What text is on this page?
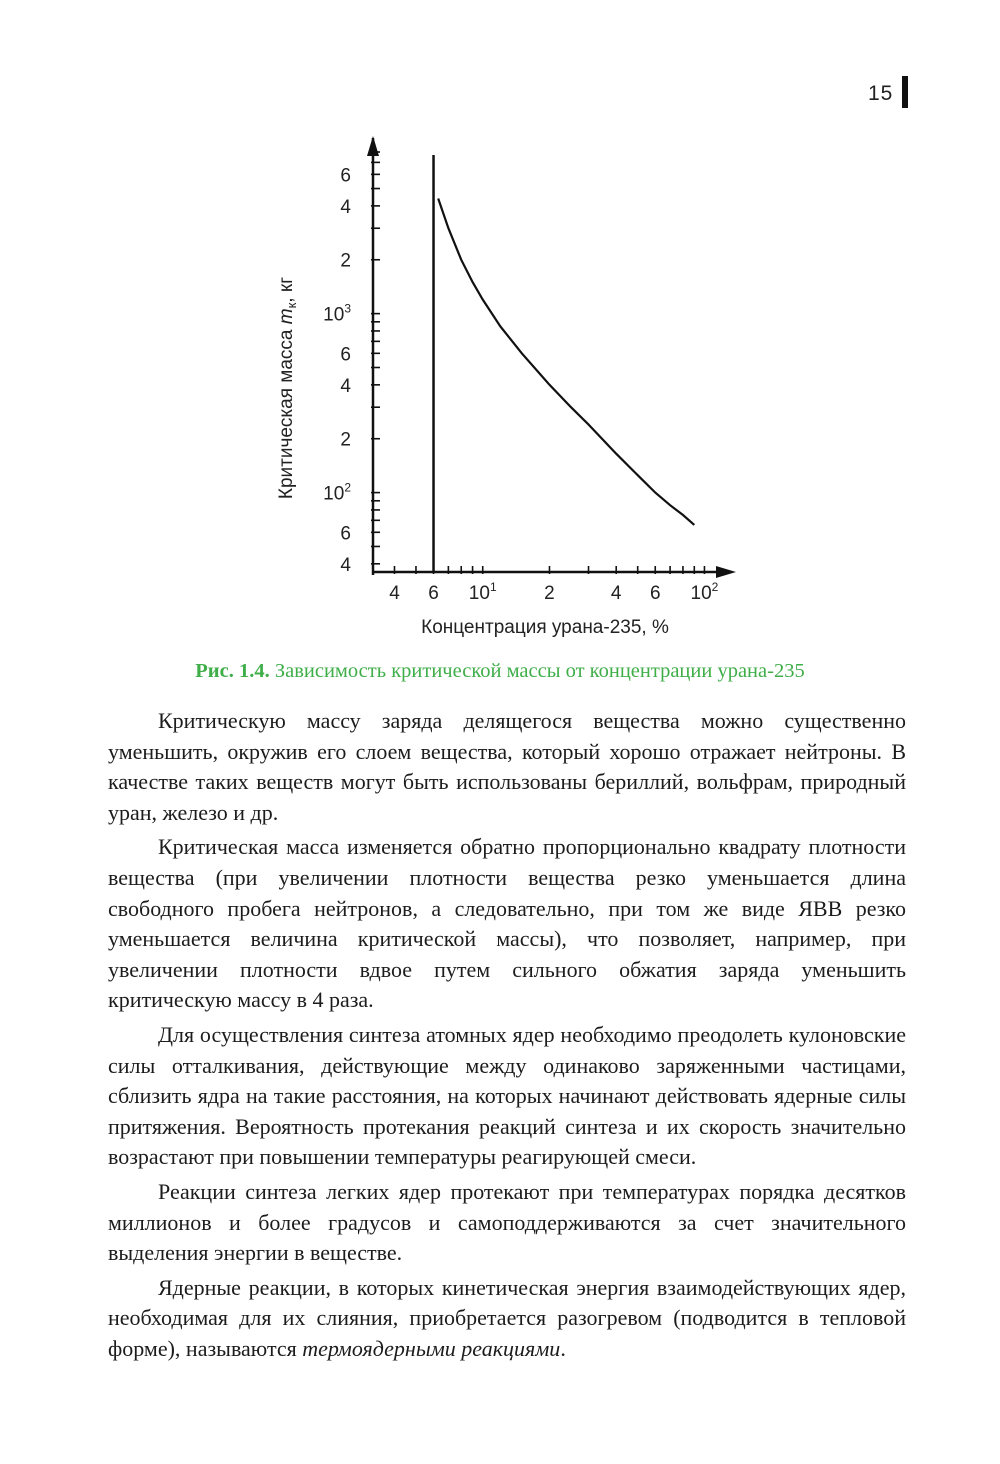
15
4
6
$10^2$
2
4
6
$10^3$
2
4
6
4 6 $10^1$	2	4 6 $10^2$
Концентрация урана-235, %
Критическая масса $m_к$, кг
Рис. 1.4. Зависимость критической массы от концентрации урана-235

Критическую массу заряда делящегося вещества можно существенно уменьшить, окружив его слоем вещества, который хорошо отражает нейтроны. В качестве таких веществ могут быть использованы бериллий, вольфрам, природный уран, железо и др.

Критическая масса изменяется обратно пропорционально квадрату плотности вещества (при увеличении плотности вещества резко уменьшается длина свободного пробега нейтронов, а следовательно, при том же виде ЯВВ резко уменьшается величина критической массы), что позволяет, например, при увеличении плотности вдвое путем сильного обжатия заряда уменьшить критическую массу в 4 раза.

Для осуществления синтеза атомных ядер необходимо преодолеть кулоновские силы отталкивания, действующие между одинаково заряженными частицами, сблизить ядра на такие расстояния, на которых начинают действовать ядерные силы притяжения. Вероятность протекания реакций синтеза и их скорость значительно возрастают при повышении температуры реагирующей смеси.

Реакции синтеза легких ядер протекают при температурах порядка десятков миллионов и более градусов и самоподдерживаются за счет значительного выделения энергии в веществе.

Ядерные реакции, в которых кинетическая энергия взаимодействующих ядер, необходимая для их слияния, приобретается разогревом (подводится в тепловой форме), называются термоядерными реакциями.
